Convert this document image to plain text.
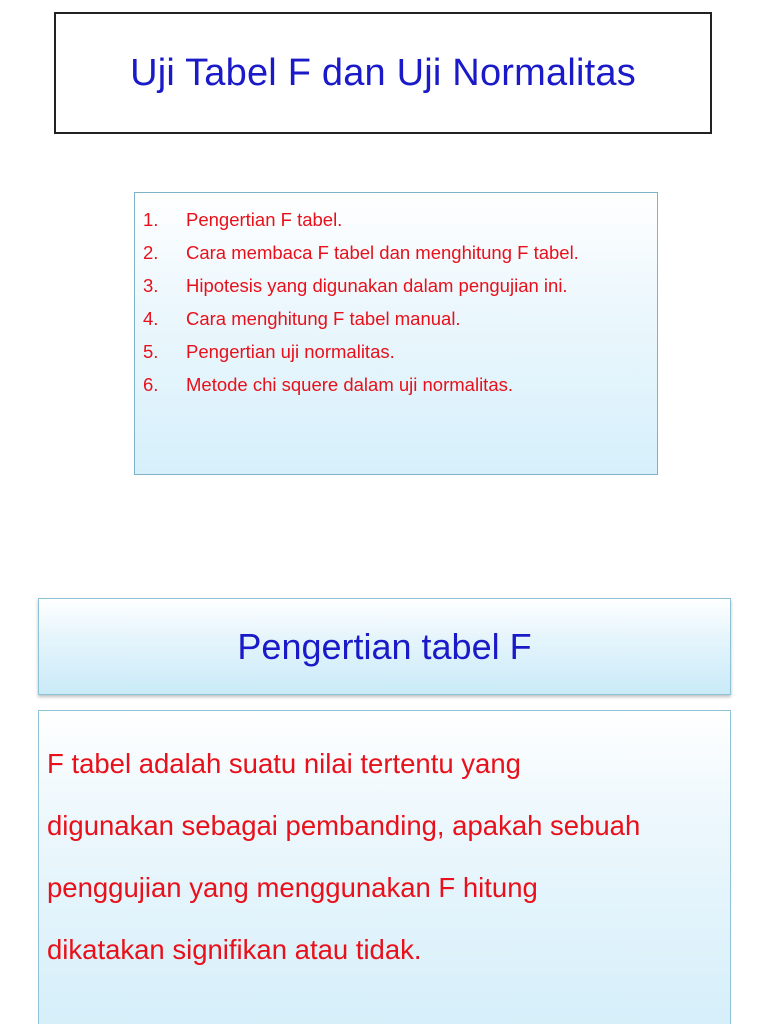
Uji Tabel F dan Uji Normalitas
1.	Pengertian F tabel.
2.	Cara membaca F tabel dan menghitung F tabel.
3.	Hipotesis yang digunakan dalam pengujian ini.
4.	Cara menghitung F tabel manual.
5.	Pengertian uji normalitas.
6.	Metode chi squere dalam uji normalitas.
Pengertian tabel F

F tabel adalah suatu nilai tertentu yang

digunakan sebagai pembanding, apakah sebuah

penggujian yang menggunakan F hitung

dikatakan signifikan atau tidak.
